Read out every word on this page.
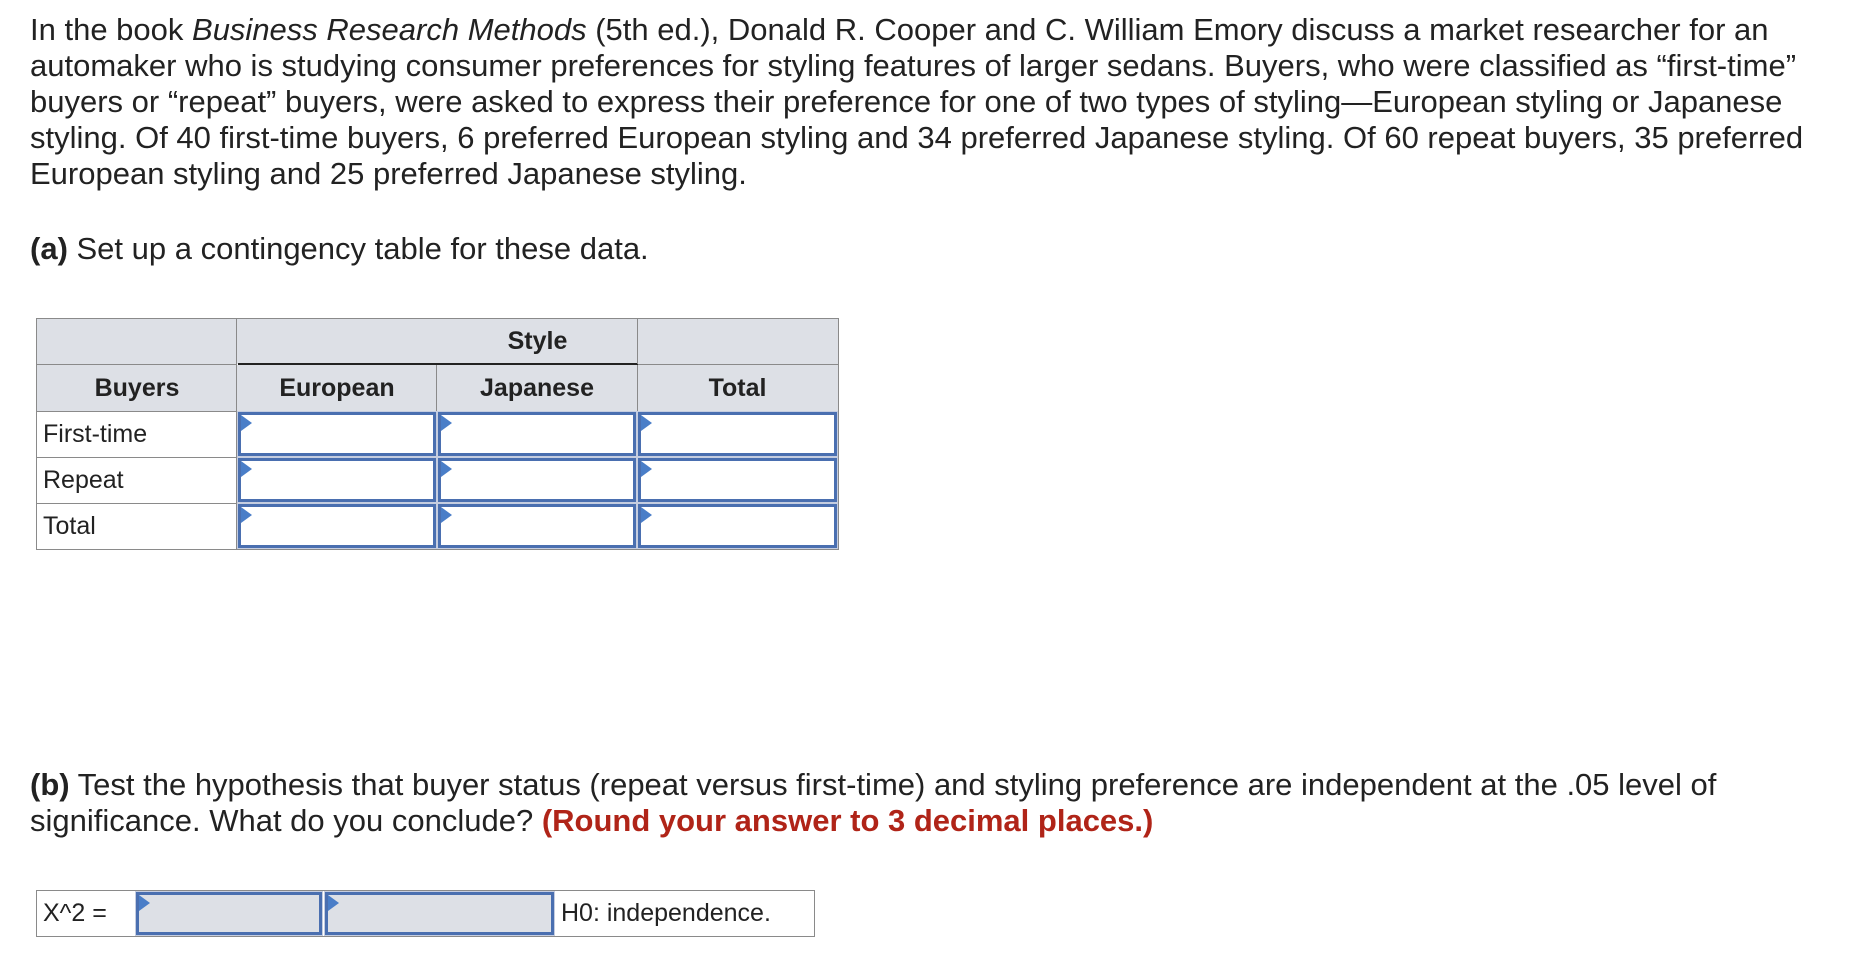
In the book Business Research Methods (5th ed.), Donald R. Cooper and C. William Emory discuss a market researcher for an automaker who is studying consumer preferences for styling features of larger sedans. Buyers, who were classified as “first-time” buyers or “repeat” buyers, were asked to express their preference for one of two types of styling—European styling or Japanese styling. Of 40 first-time buyers, 6 preferred European styling and 34 preferred Japanese styling. Of 60 repeat buyers, 35 preferred European styling and 25 preferred Japanese styling.
(a) Set up a contingency table for these data.
Style
Buyers	European	Japanese	Total
First-time
Repeat
Total
(b) Test the hypothesis that buyer status (repeat versus first-time) and styling preference are independent at the .05 level of significance. What do you conclude? (Round your answer to 3 decimal places.)
X^2 =	H0: independence.
